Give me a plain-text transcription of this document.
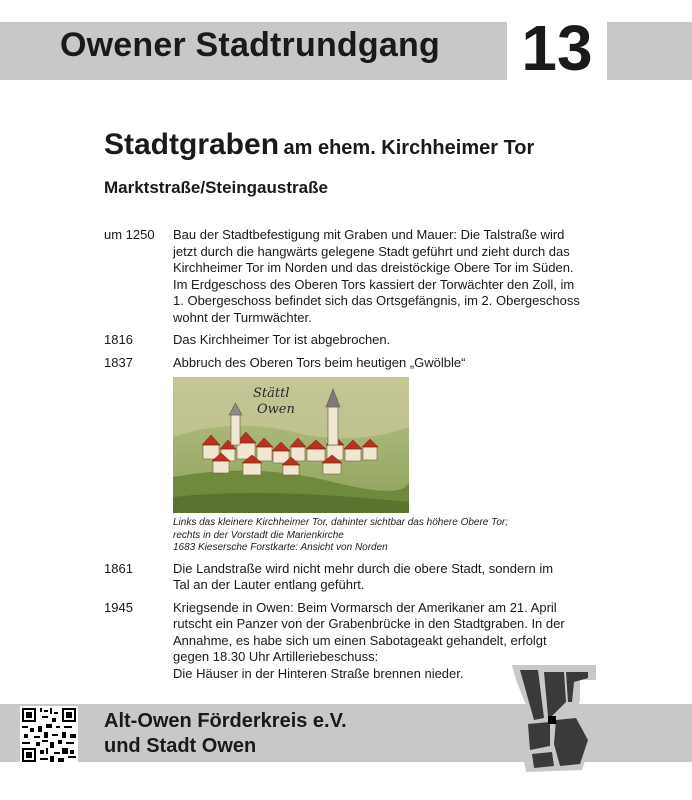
Owener Stadtrundgang 13
Stadtgraben am ehem. Kirchheimer Tor
Marktstraße/Steingaustraße
um 1250	Bau der Stadtbefestigung mit Graben und Mauer: Die Talstraße wird
jetzt durch die hangwärts gelegene Stadt geführt und zieht durch das
Kirchheimer Tor im Norden und das dreistöckige Obere Tor im Süden.
Im Erdgeschoss des Oberen Tors kassiert der Torwächter den Zoll, im
1. Obergeschoss befindet sich das Ortsgefängnis, im 2. Obergeschoss
wohnt der Turmwächter.
1816	Das Kirchheimer Tor ist abgebrochen.
1837	Abbruch des Oberen Tors beim heutigen „Gwölble“
Stättl
Owen
Links das kleinere Kirchheimer Tor, dahinter sichtbar das höhere Obere Tor;
rechts in der Vorstadt die Marienkirche
1683 Kiesersche Forstkarte: Ansicht von Norden
1861	Die Landstraße wird nicht mehr durch die obere Stadt, sondern im
Tal an der Lauter entlang geführt.
1945	Kriegsende in Owen: Beim Vormarsch der Amerikaner am 21. April
rutscht ein Panzer von der Grabenbrücke in den Stadtgraben. In der
Annahme, es habe sich um einen Sabotageakt gehandelt, erfolgt
gegen 18.30 Uhr Artilleriebeschuss:
Die Häuser in der Hinteren Straße brennen nieder.
Alt-Owen Förderkreis e.V.
und Stadt Owen
